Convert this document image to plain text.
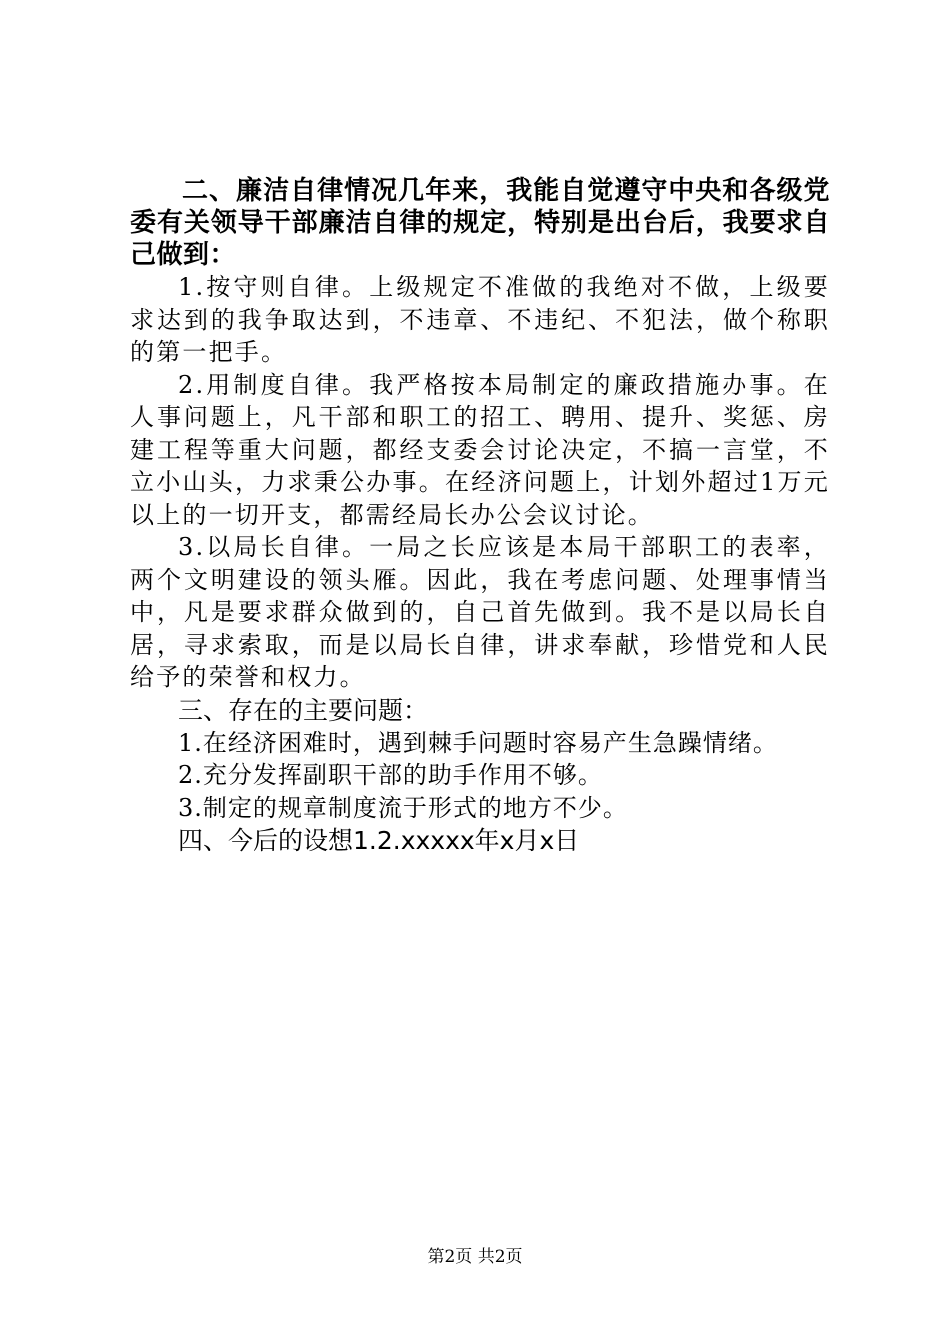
二、廉洁自律情况几年来，我能自觉遵守中央和各级党委有关领导干部廉洁自律的规定，特别是出台后，我要求自己做到：

1.按守则自律。上级规定不准做的我绝对不做，上级要求达到的我争取达到，不违章、不违纪、不犯法，做个称职的第一把手。

2.用制度自律。我严格按本局制定的廉政措施办事。在人事问题上，凡干部和职工的招工、聘用、提升、奖惩、房建工程等重大问题，都经支委会讨论决定，不搞一言堂，不立小山头，力求秉公办事。在经济问题上，计划外超过1万元以上的一切开支，都需经局长办公会议讨论。

3.以局长自律。一局之长应该是本局干部职工的表率，两个文明建设的领头雁。因此，我在考虑问题、处理事情当中，凡是要求群众做到的，自己首先做到。我不是以局长自居，寻求索取，而是以局长自律，讲求奉献，珍惜党和人民给予的荣誉和权力。

三、存在的主要问题：

1.在经济困难时，遇到棘手问题时容易产生急躁情绪。

2.充分发挥副职干部的助手作用不够。

3.制定的规章制度流于形式的地方不少。

四、今后的设想1.2.xxxxx年x月x日

第2页 共2页
